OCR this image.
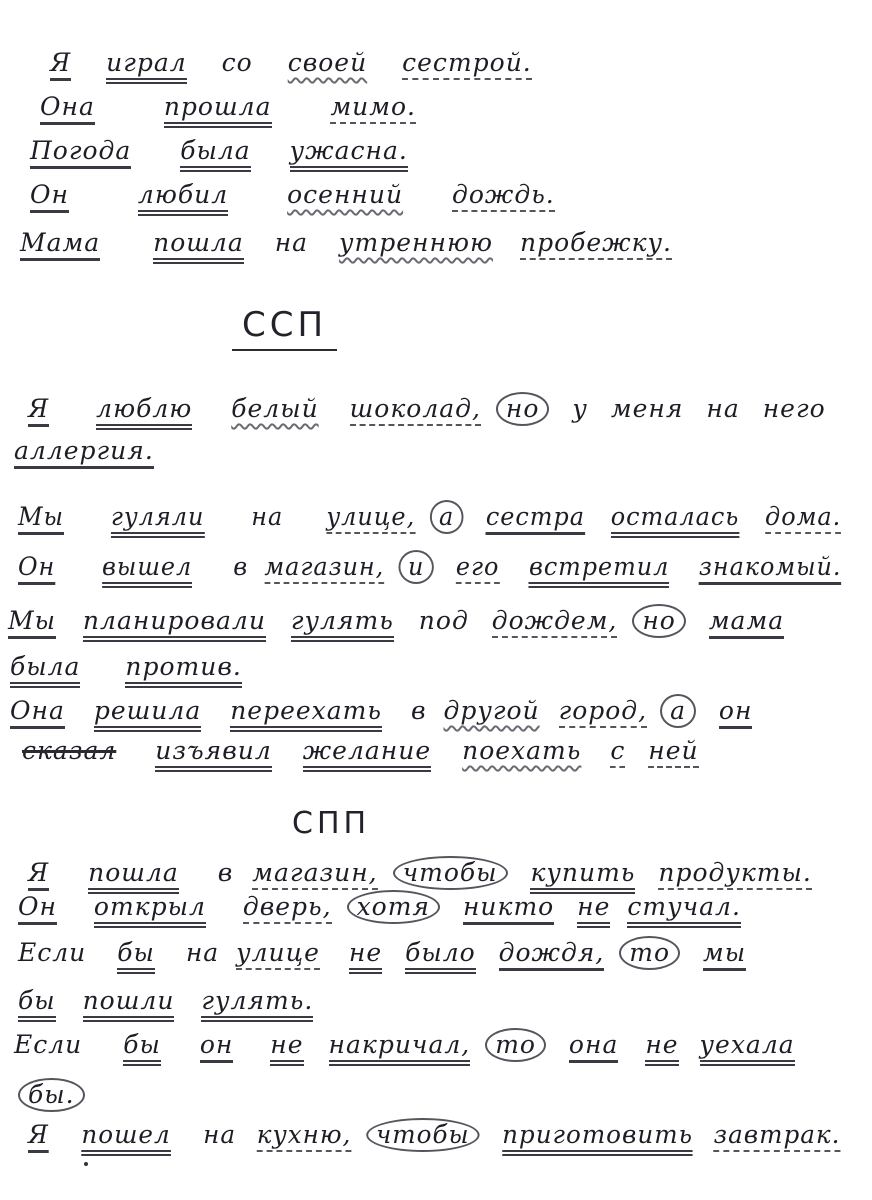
Я играл со своей сестрой.
Она	прошла мимо.
Погода была ужасна.
Он	любил осенний дождь.
Мама пошла на утреннюю пробежку.
ССП
Я люблю белый шоколад, но у меня на него
аллергия.
Мы гуляли на улице, а сестра осталась дома.
Он вышел в магазин, и его встретил знакомый.
Мы планировали гулять под дождем, но мама
была против.
Она решила переехать в другой город, а он
сказал изъявил желание поехать с ней
СПП
Я пошла в магазин, чтобы купить продукты.
Он открыл дверь, хотя никто не стучал.
Если бы на улице не было дождя, то мы
бы пошли гулять.
Если бы он не накричал, то она не уехала
бы.
Я пошел на кухню, чтобы приготовить завтрак.
